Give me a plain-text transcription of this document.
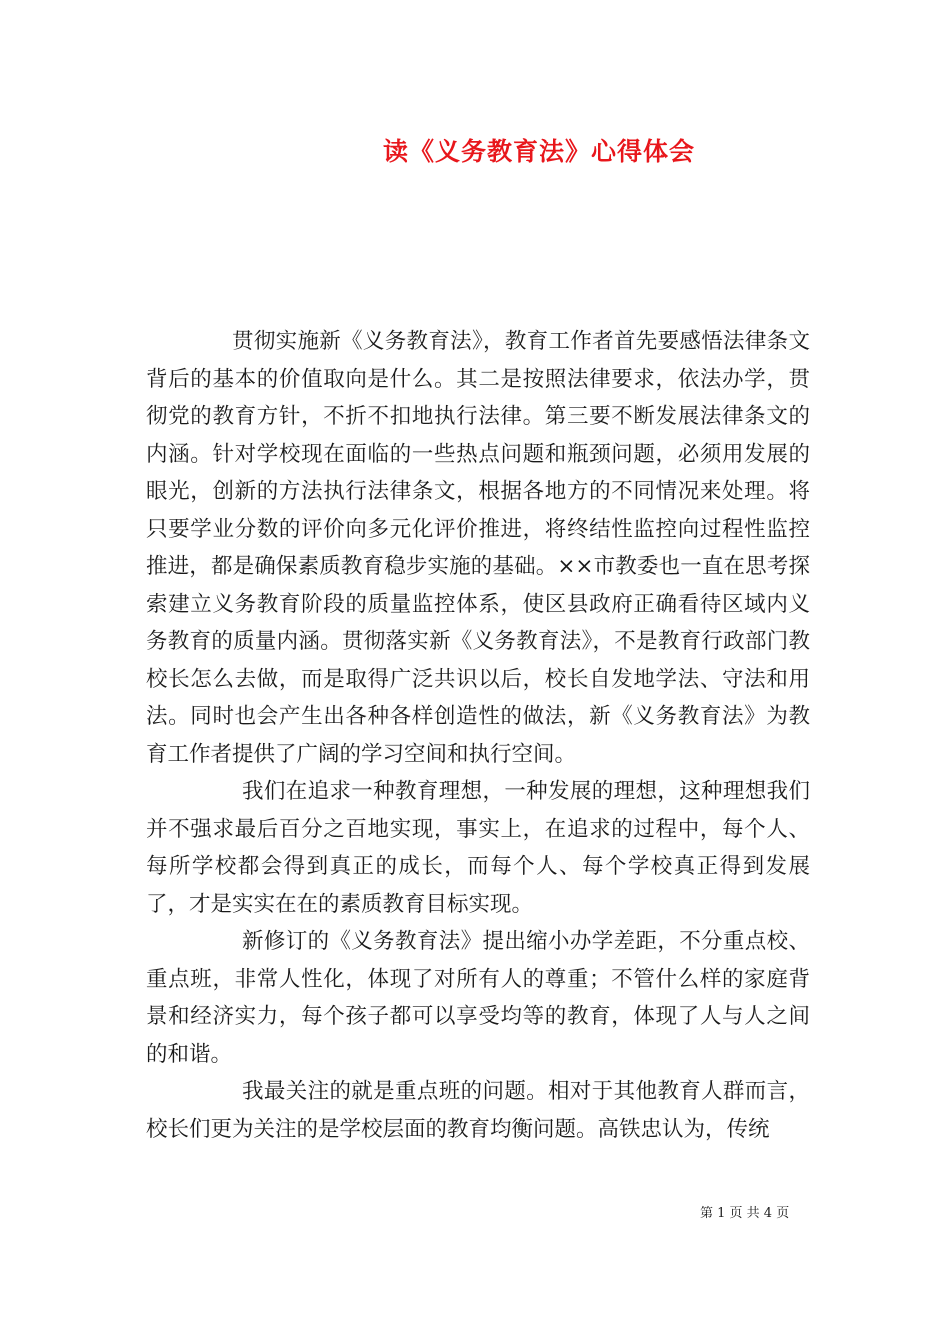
读《义务教育法》心得体会

贯彻实施新《义务教育法》，教育工作者首先要感悟法律条文背后的基本的价值取向是什么。其二是按照法律要求，依法办学，贯彻党的教育方针，不折不扣地执行法律。第三要不断发展法律条文的内涵。针对学校现在面临的一些热点问题和瓶颈问题，必须用发展的眼光，创新的方法执行法律条文，根据各地方的不同情况来处理。将只要学业分数的评价向多元化评价推进，将终结性监控向过程性监控推进，都是确保素质教育稳步实施的基础。××市教委也一直在思考探索建立义务教育阶段的质量监控体系，使区县政府正确看待区域内义务教育的质量内涵。贯彻落实新《义务教育法》，不是教育行政部门教校长怎么去做，而是取得广泛共识以后，校长自发地学法、守法和用法。同时也会产生出各种各样创造性的做法，新《义务教育法》为教育工作者提供了广阔的学习空间和执行空间。

我们在追求一种教育理想，一种发展的理想，这种理想我们并不强求最后百分之百地实现，事实上，在追求的过程中，每个人、每所学校都会得到真正的成长，而每个人、每个学校真正得到发展了，才是实实在在的素质教育目标实现。

新修订的《义务教育法》提出缩小办学差距，不分重点校、重点班，非常人性化，体现了对所有人的尊重；不管什么样的家庭背景和经济实力，每个孩子都可以享受均等的教育，体现了人与人之间的和谐。

我最关注的就是重点班的问题。相对于其他教育人群而言，校长们更为关注的是学校层面的教育均衡问题。高铁忠认为，传统

第 1 页 共 4 页
